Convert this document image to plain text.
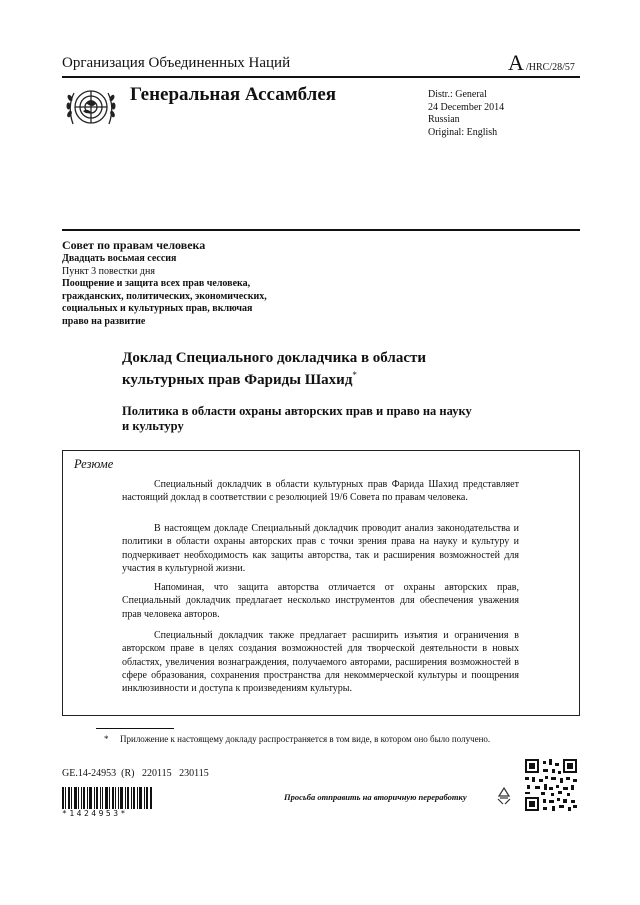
Организация Объединенных Наций	A /HRC/28/57
Генеральная Ассамблея	Distr.: General
24 December 2014
Russian
Original: English
Совет по правам человека
Двадцать восьмая сессия
Пункт 3 повестки дня
Поощрение и защита всех прав человека,
гражданских, политических, экономических,
социальных и культурных прав, включая
право на развитие
Доклад Специального докладчика в области
культурных прав Фариды Шахид*
Политика в области охраны авторских прав и право на науку
и культуру
Резюме
Специальный докладчик в области культурных прав Фарида Шахид представляет настоящий доклад в соответствии с резолюцией 19/6 Совета по правам человека.
В настоящем докладе Специальный докладчик проводит анализ законодательства и политики в области охраны авторских прав с точки зрения права на науку и культуру и подчеркивает необходимость как защиты авторства, так и расширения возможностей для участия в культурной жизни.
Напоминая, что защита авторства отличается от охраны авторских прав, Специальный докладчик предлагает несколько инструментов для обеспечения уважения прав человека авторов.
Специальный докладчик также предлагает расширить изъятия и ограничения в авторском праве в целях создания возможностей для творческой деятельности в новых областях, увеличения вознаграждения, получаемого авторами, расширения возможностей в сфере образования, сохранения пространства для некоммерческой культуры и поощрения инклюзивности и доступа к произведениям культуры.
* Приложение к настоящему докладу распространяется в том виде, в котором оно было получено.
GE.14-24953  (R)   220115   230115
*1424953*
Просьба отправить на вторичную переработку
